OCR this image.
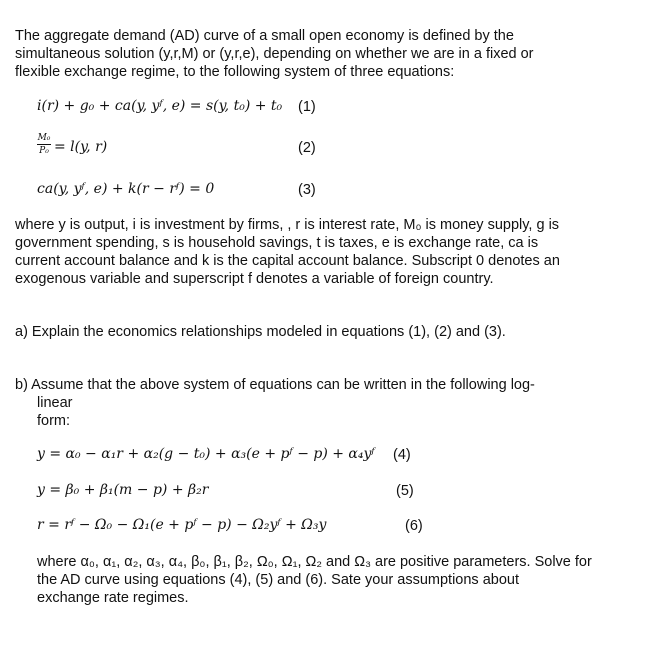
The aggregate demand (AD) curve of a small open economy is defined by the
simultaneous solution (y,r,M) or (y,r,e), depending on whether we are in a fixed or
flexible exchange regime, to the following system of three equations:
i(r) + g₀ + ca(y, yᶠ, e) = s(y, t₀) + t₀ (1)
M₀
P₀ = l(y, r)	(2)
ca(y, yᶠ, e) + k(r − rᶠ) = 0	(3)
where y is output, i is investment by firms, , r is interest rate, M₀ is money supply, g is
government spending, s is household savings, t is taxes, e is exchange rate, ca is
current account balance and k is the capital account balance. Subscript 0 denotes an
exogenous variable and superscript f denotes a variable of foreign country.
a) Explain the economics relationships modeled in equations (1), (2) and (3).
b) Assume that the above system of equations can be written in the following log-
linear
form:
y = α₀ − α₁r + α₂(g − t₀) + α₃(e + pᶠ − p) + α₄yᶠ (4)
y = β₀ + β₁(m − p) + β₂r	(5)
r = rᶠ − Ω₀ − Ω₁(e + pᶠ − p) − Ω₂yᶠ + Ω₃y	(6)
where α₀, α₁, α₂, α₃, α₄, β₀, β₁, β₂, Ω₀, Ω₁, Ω₂ and Ω₃ are positive parameters. Solve for
the AD curve using equations (4), (5) and (6). Sate your assumptions about
exchange rate regimes.
